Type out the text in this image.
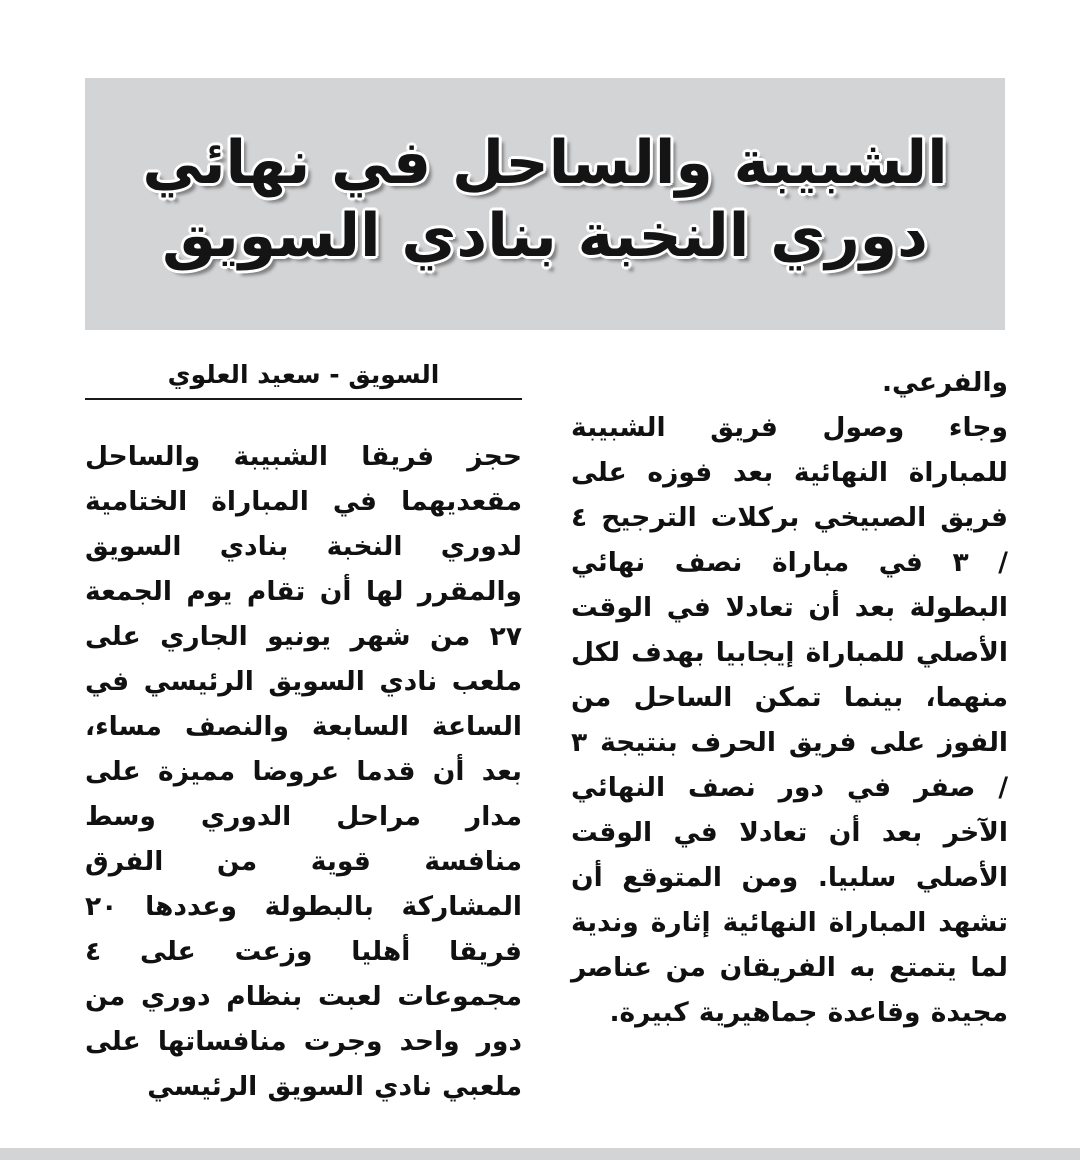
الشبيبة والساحل في نهائي
دوري النخبة بنادي السويق
السويق - سعيد العلوي

حجز فريقا الشبيبة والساحل مقعديهما في المباراة الختامية لدوري النخبة بنادي السويق والمقرر لها أن تقام يوم الجمعة ٢٧ من شهر يونيو الجاري على ملعب نادي السويق الرئيسي في الساعة السابعة والنصف مساء، بعد أن قدما عروضا مميزة على مدار مراحل الدوري وسط منافسة قوية من الفرق المشاركة بالبطولة وعددها ٢٠ فريقا أهليا وزعت على ٤ مجموعات لعبت بنظام دوري من دور واحد وجرت منافساتها على ملعبي نادي السويق الرئيسي

والفرعي.

وجاء وصول فريق الشبيبة للمباراة النهائية بعد فوزه على فريق الصبيخي بركلات الترجيح ٤ / ٣ في مباراة نصف نهائي البطولة بعد أن تعادلا في الوقت الأصلي للمباراة إيجابيا بهدف لكل منهما، بينما تمكن الساحل من الفوز على فريق الحرف بنتيجة ٣ / صفر في دور نصف النهائي الآخر بعد أن تعادلا في الوقت الأصلي سلبيا. ومن المتوقع أن تشهد المباراة النهائية إثارة وندية لما يتمتع به الفريقان من عناصر مجيدة وقاعدة جماهيرية كبيرة.
